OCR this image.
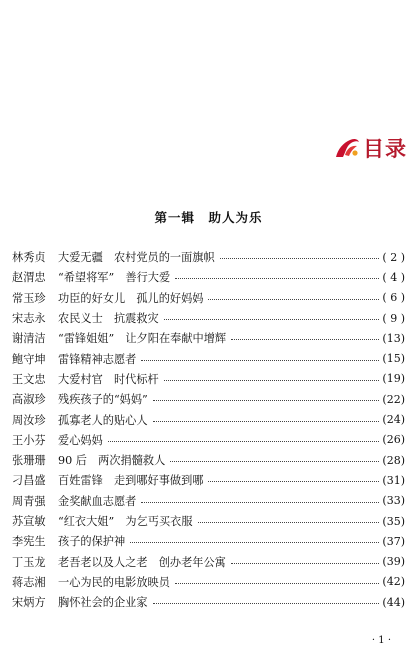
目录
第一辑　助人为乐
林秀贞	大爱无疆　农村党员的一面旗帜	( 2 )
赵渭忠	“希望将军”　善行大爱	( 4 )
常玉珍	功臣的好女儿　孤儿的好妈妈	( 6 )
宋志永	农民义士　抗震救灾	( 9 )
谢清洁	“雷锋姐姐”　让夕阳在奉献中增辉	(13)
鲍守坤	雷锋精神志愿者	(15)
王文忠	大爱村官　时代标杆	(19)
高淑珍	残疾孩子的“妈妈”	(22)
周汝珍	孤寡老人的贴心人	(24)
王小芬	爱心妈妈	(26)
张珊珊	90 后　两次捐髓救人	(28)
刁昌盛	百姓雷锋　走到哪好事做到哪	(31)
周青强	金奖献血志愿者	(33)
苏宣敏	“红衣大姐”　为乞丐买衣服	(35)
李宪生	孩子的保护神	(37)
丁玉龙	老吾老以及人之老　创办老年公寓	(39)
蒋志湘	一心为民的电影放映员	(42)
宋炳方	胸怀社会的企业家	(44)
· 1 ·
